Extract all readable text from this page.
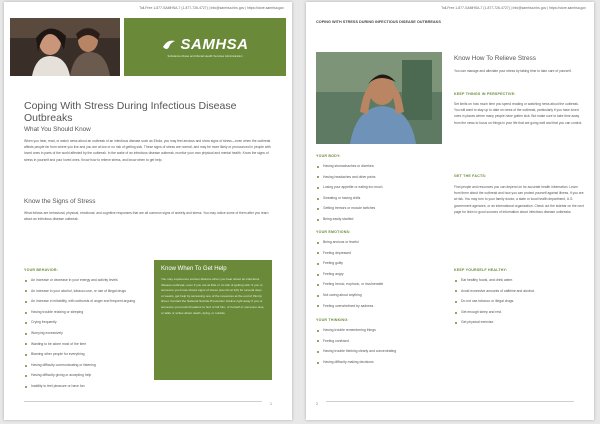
Toll-Free 1-877-SAMHSA-7 (1-877-726-4727) | Info@samhsa.hhs.gov | https://store.samhsa.gov
SAMHSA
Substance Abuse and Mental Health Services Administration
Coping With Stress During Infectious Disease Outbreaks
What You Should Know

When you hear, read, or watch news about an outbreak of an infectious disease such as Ebola, you may feel anxious and show signs of stress—even when the outbreak affects people far from where you live and you are at low or no risk of getting sick. These signs of stress are normal, and may be more likely or pronounced in people with loved ones in parts of the world affected by the outbreak. In the wake of an infectious disease outbreak, monitor your own physical and mental health. Know the signs of stress in yourself and your loved ones. Know how to relieve stress, and know when to get help.

Know the Signs of Stress

What follows are behavioral, physical, emotional, and cognitive responses that are all common signs of anxiety and stress. You may notice some of them after you learn about an infectious disease outbreak.

YOUR BEHAVIOR:
An increase or decrease in your energy and activity levels
An increase in your alcohol, tobacco use, or use of illegal drugs
An increase in irritability, with outbursts of anger and frequent arguing
Having trouble relaxing or sleeping
Crying frequently
Worrying excessively
Wanting to be alone most of the time
Blaming other people for everything
Having difficulty communicating or listening
Having difficulty giving or accepting help
Inability to feel pleasure or have fun
Know When To Get Help

You may experience serious distress when you hear about an infectious disease outbreak, even if you are at little or no risk of getting sick. If you or someone you know shows signs of stress (see list at left) for several days or weeks, get help by accessing one of the resources at the end of this tip sheet. Contact the National Suicide Prevention Lifeline right away if you or someone you know threatens to hurt or kill him- or herself or someone else, or talks or writes about death, dying, or suicide.

1
Toll-Free 1-877-SAMHSA-7 (1-877-726-4727) | Info@samhsa.hhs.gov | https://store.samhsa.gov
COPING WITH STRESS DURING INFECTIOUS DISEASE OUTBREAKS
YOUR BODY:
Having stomachaches or diarrhea
Having headaches and other pains
Losing your appetite or eating too much
Sweating or having chills
Getting tremors or muscle twitches
Being easily startled
YOUR EMOTIONS:
Being anxious or fearful
Feeling depressed
Feeling guilty
Feeling angry
Feeling heroic, euphoric, or invulnerable
Not caring about anything
Feeling overwhelmed by sadness
YOUR THINKING:
Having trouble remembering things
Feeling confused
Having trouble thinking clearly and concentrating
Having difficulty making decisions
Know How To Relieve Stress

You can manage and alleviate your stress by taking time to take care of yourself.

KEEP THINGS IN PERSPECTIVE:

Set limits on how much time you spend reading or watching news about the outbreak. You will want to stay up to date on news of the outbreak, particularly if you have loved ones in places where many people have gotten sick. But make sure to take time away from the news to focus on things in your life that are going well and that you can control.

GET THE FACTS:

Find people and resources you can depend on for accurate health information. Learn from them about the outbreak and how you can protect yourself against illness, if you are at risk. You may turn to your family doctor, a state or local health department, U.S. government agencies, or an international organization. Check out the sidebar on the next page for links to good sources of information about infectious disease outbreaks.

KEEP YOURSELF HEALTHY:
Eat healthy foods, and drink water.
Avoid excessive amounts of caffeine and alcohol.
Do not use tobacco or illegal drugs.
Get enough sleep and rest.
Get physical exercise.
2
